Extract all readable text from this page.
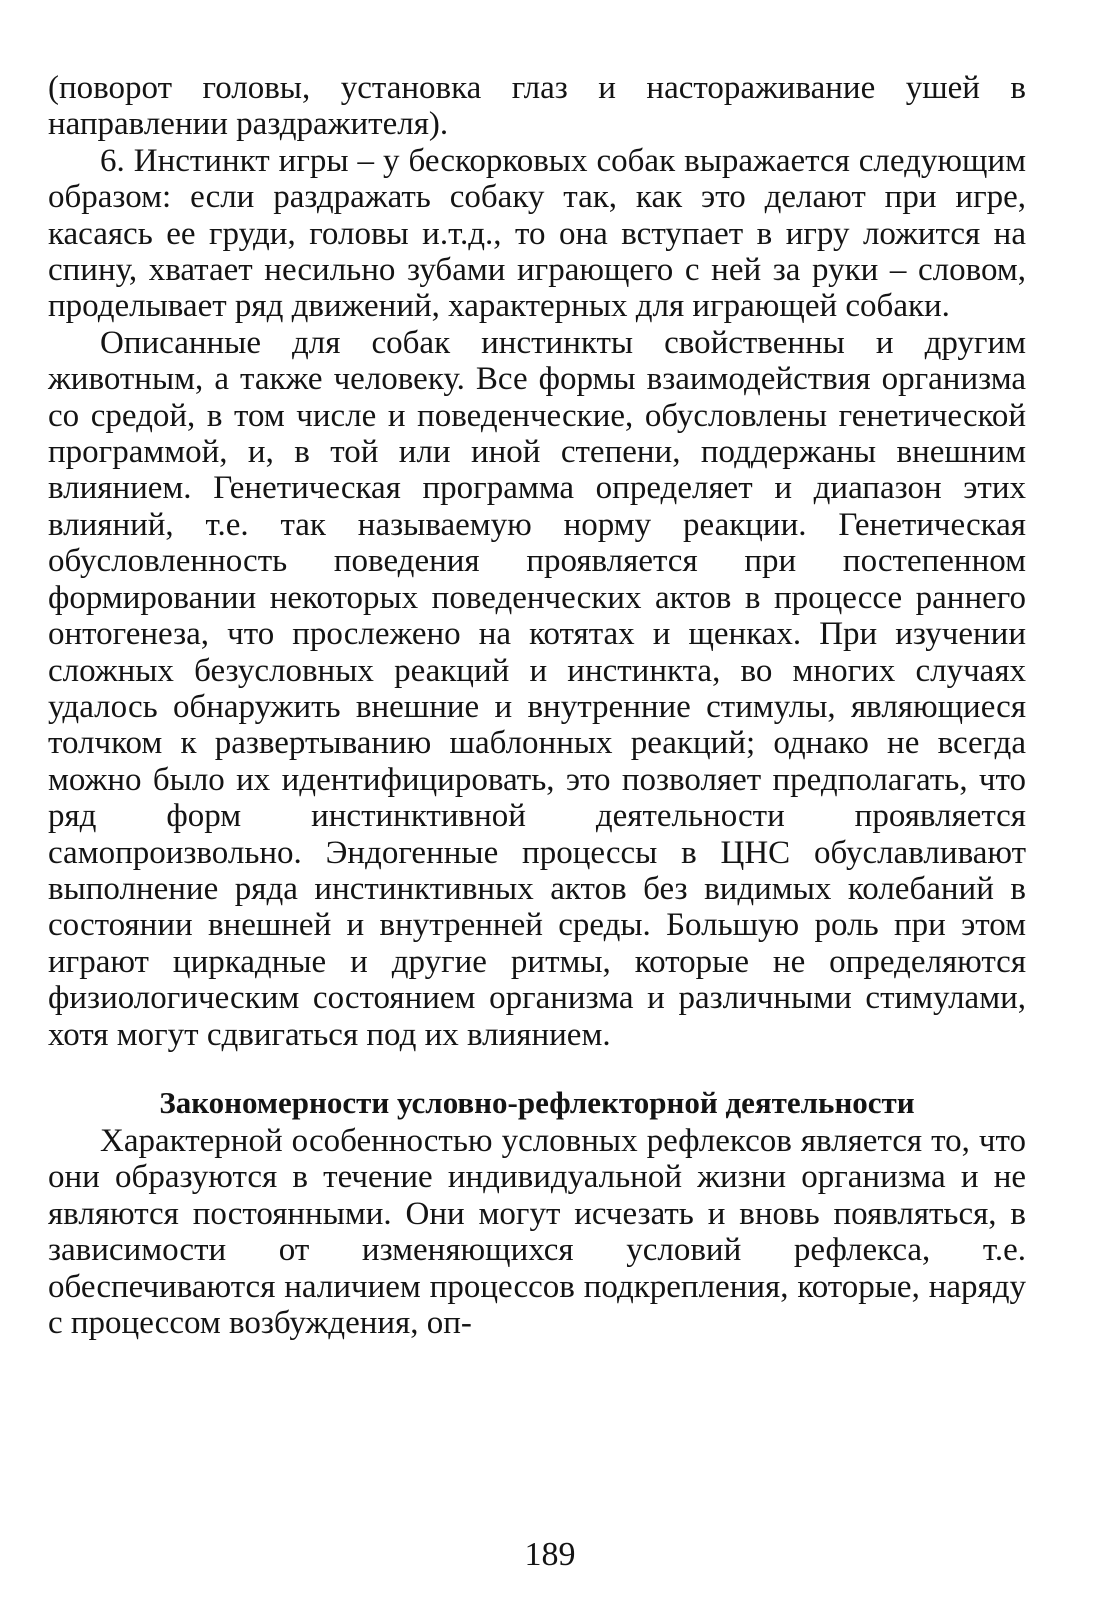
(поворот головы, установка глаз и настораживание ушей в направлении раздражителя).

6. Инстинкт игры – у бескорковых собак выражается следующим образом: если раздражать собаку так, как это делают при игре, касаясь ее груди, головы и.т.д., то она вступает в игру ложится на спину, хватает несильно зубами играющего с ней за руки – словом, проделывает ряд движений, характерных для играющей собаки.

Описанные для собак инстинкты свойственны и другим животным, а также человеку. Все формы взаимодействия организма со средой, в том числе и поведенческие, обусловлены генетической программой, и, в той или иной степени, поддержаны внешним влиянием. Генетическая программа определяет и диапазон этих влияний, т.е. так называемую норму реакции. Генетическая обусловленность поведения проявляется при постепенном формировании некоторых поведенческих актов в процессе раннего онтогенеза, что прослежено на котятах и щенках. При изучении сложных безусловных реакций и инстинкта, во многих случаях удалось обнаружить внешние и внутренние стимулы, являющиеся толчком к развертыванию шаблонных реакций; однако не всегда можно было их идентифицировать, это позволяет предполагать, что ряд форм инстинктивной деятельности проявляется самопроизвольно. Эндогенные процессы в ЦНС обуславливают выполнение ряда инстинктивных актов без видимых колебаний в состоянии внешней и внутренней среды. Большую роль при этом играют циркадные и другие ритмы, которые не определяются физиологическим состоянием организма и различными стимулами, хотя могут сдвигаться под их влиянием.

Закономерности условно-рефлекторной деятельности

Характерной особенностью условных рефлексов является то, что они образуются в течение индивидуальной жизни организма и не являются постоянными. Они могут исчезать и вновь появляться, в зависимости от изменяющихся условий рефлекса, т.е. обеспечиваются наличием процессов подкрепления, которые, наряду с процессом возбуждения, оп-

189
